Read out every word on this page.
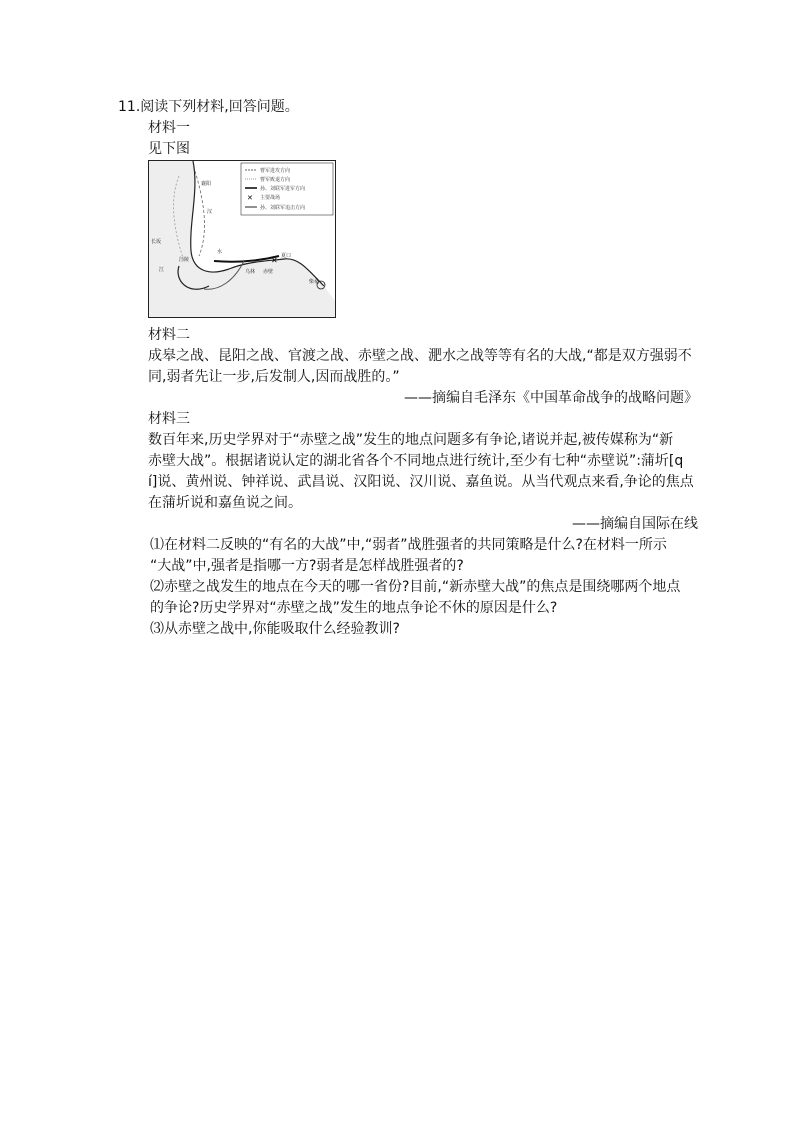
11.阅读下列材料,回答问题。
材料一
见下图
✕
✕
曹军进攻方向
曹军败退方向
孙、刘联军进军方向
主要战场
孙、刘联军追击方向
襄阳
长坂
江陵
汉
水
江	乌林 赤壁
夏口
柴桑
材料二

成皋之战、昆阳之战、官渡之战、赤壁之战、淝水之战等等有名的大战,“都是双方强弱不

同,弱者先让一步,后发制人,因而战胜的。”

——摘编自毛泽东《中国革命战争的战略问题》
材料三

数百年来,历史学界对于“赤壁之战”发生的地点问题多有争论,诸说并起,被传媒称为“新

赤壁大战”。根据诸说认定的湖北省各个不同地点进行统计,至少有七种“赤壁说”:蒲圻[q

í]说、黄州说、钟祥说、武昌说、汉阳说、汉川说、嘉鱼说。从当代观点来看,争论的焦点

在蒲圻说和嘉鱼说之间。

——摘编自国际在线

⑴在材料二反映的“有名的大战”中,“弱者”战胜强者的共同策略是什么?在材料一所示

“大战”中,强者是指哪一方?弱者是怎样战胜强者的?

⑵赤壁之战发生的地点在今天的哪一省份?目前,“新赤壁大战”的焦点是围绕哪两个地点

的争论?历史学界对“赤壁之战”发生的地点争论不休的原因是什么?

⑶从赤壁之战中,你能吸取什么经验教训?
